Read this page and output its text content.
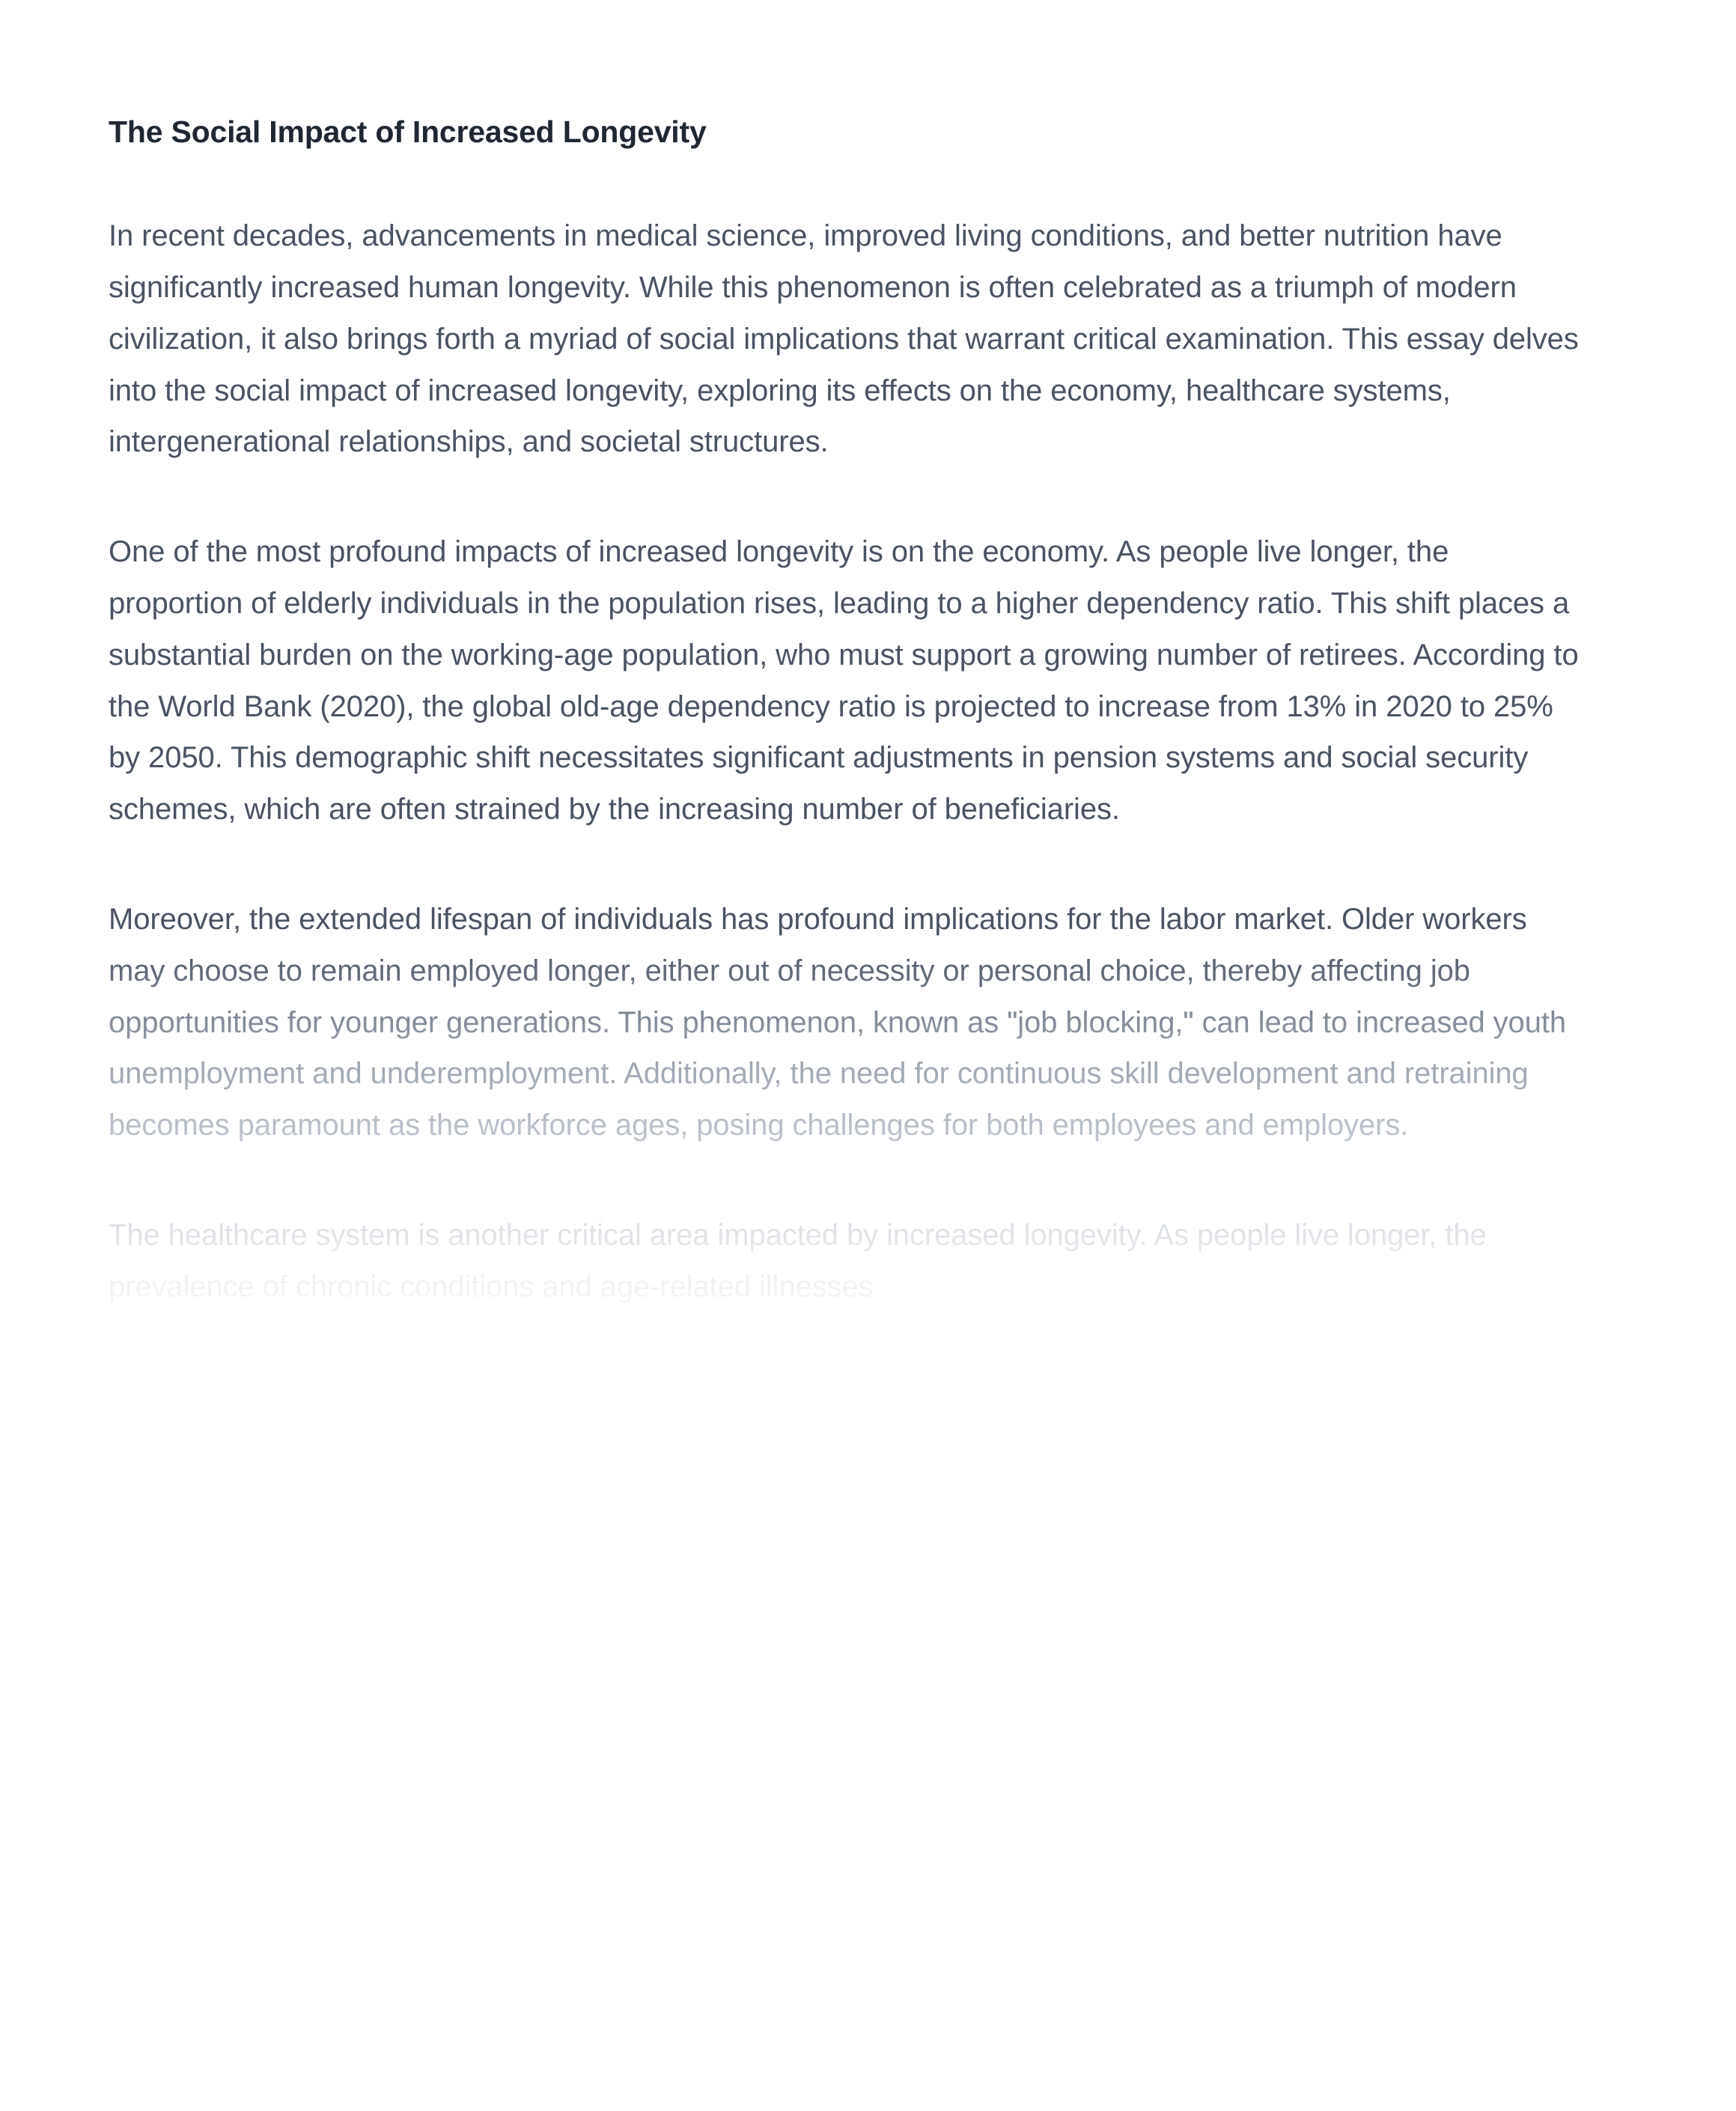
The Social Impact of Increased Longevity

In recent decades, advancements in medical science, improved living conditions, and better nutrition have significantly increased human longevity. While this phenomenon is often celebrated as a triumph of modern civilization, it also brings forth a myriad of social implications that warrant critical examination. This essay delves into the social impact of increased longevity, exploring its effects on the economy, healthcare systems, intergenerational relationships, and societal structures.

One of the most profound impacts of increased longevity is on the economy. As people live longer, the proportion of elderly individuals in the population rises, leading to a higher dependency ratio. This shift places a substantial burden on the working-age population, who must support a growing number of retirees. According to the World Bank (2020), the global old-age dependency ratio is projected to increase from 13% in 2020 to 25% by 2050. This demographic shift necessitates significant adjustments in pension systems and social security schemes, which are often strained by the increasing number of beneficiaries.

Moreover, the extended lifespan of individuals has profound implications for the labor market. Older workers may choose to remain employed longer, either out of necessity or personal choice, thereby affecting job opportunities for younger generations. This phenomenon, known as "job blocking," can lead to increased youth unemployment and underemployment. Additionally, the need for continuous skill development and retraining becomes paramount as the workforce ages, posing challenges for both employees and employers.

The healthcare system is another critical area impacted by increased longevity. As people live longer, the prevalence of chronic conditions and age-related illnesses
